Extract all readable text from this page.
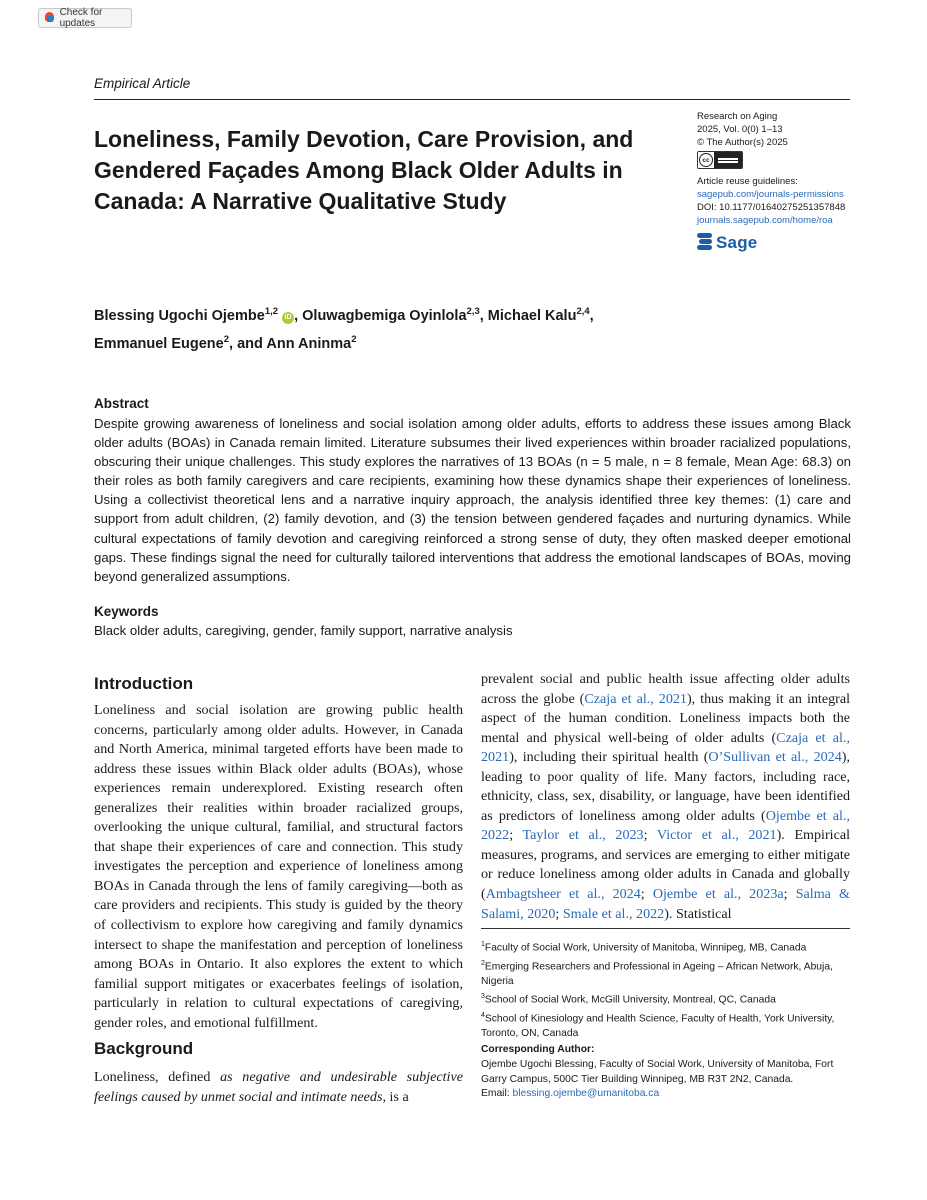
Check for updates
Empirical Article
Loneliness, Family Devotion, Care Provision, and Gendered Façades Among Black Older Adults in Canada: A Narrative Qualitative Study
Research on Aging
2025, Vol. 0(0) 1–13
© The Author(s) 2025
cc
Article reuse guidelines:
sagepub.com/journals-permissions
DOI: 10.1177/01640275251357848
journals.sagepub.com/home/roa
Sage
Blessing Ugochi Ojembe$^{1,2}$ iD , Oluwagbemiga Oyinlola$^{2,3}$, Michael Kalu$^{2,4}$,
Emmanuel Eugene$^2$, and Ann Aninma$^2$
Abstract
Despite growing awareness of loneliness and social isolation among older adults, efforts to address these issues among Black older adults (BOAs) in Canada remain limited. Literature subsumes their lived experiences within broader racialized populations, obscuring their unique challenges. This study explores the narratives of 13 BOAs (n = 5 male, n = 8 female, Mean Age: 68.3) on their roles as both family caregivers and care recipients, examining how these dynamics shape their experiences of loneliness. Using a collectivist theoretical lens and a narrative inquiry approach, the analysis identified three key themes: (1) care and support from adult children, (2) family devotion, and (3) the tension between gendered façades and nurturing dynamics. While cultural expectations of family devotion and caregiving reinforced a strong sense of duty, they often masked deeper emotional gaps. These findings signal the need for culturally tailored interventions that address the emotional landscapes of BOAs, moving beyond generalized assumptions.
Keywords
Black older adults, caregiving, gender, family support, narrative analysis
Introduction
Loneliness and social isolation are growing public health concerns, particularly among older adults. However, in Canada and North America, minimal targeted efforts have been made to address these issues within Black older adults (BOAs), whose experiences remain underexplored. Existing research often generalizes their realities within broader racialized groups, overlooking the unique cultural, familial, and structural factors that shape their experiences of care and connection. This study investigates the perception and experience of loneliness among BOAs in Canada through the lens of family caregiving—both as care providers and recipients. This study is guided by the theory of collectivism to explore how caregiving and family dynamics intersect to shape the manifestation and perception of loneliness among BOAs in Ontario. It also explores the extent to which familial support mitigates or exacerbates feelings of isolation, particularly in relation to cultural expectations of caregiving, gender roles, and emotional fulfillment.
Background
Loneliness, defined as negative and undesirable subjective feelings caused by unmet social and intimate needs, is a
prevalent social and public health issue affecting older adults across the globe (Czaja et al., 2021), thus making it an integral aspect of the human condition. Loneliness impacts both the mental and physical well-being of older adults (Czaja et al., 2021), including their spiritual health (O’Sullivan et al., 2024), leading to poor quality of life. Many factors, including race, ethnicity, class, sex, disability, or language, have been identified as predictors of loneliness among older adults (Ojembe et al., 2022; Taylor et al., 2023; Victor et al., 2021). Empirical measures, programs, and services are emerging to either mitigate or reduce loneliness among older adults in Canada and globally (Ambagtsheer et al., 2024; Ojembe et al., 2023a; Salma & Salami, 2020; Smale et al., 2022). Statistical
$^1$Faculty of Social Work, University of Manitoba, Winnipeg, MB, Canada
$^2$Emerging Researchers and Professional in Ageing – African Network, Abuja, Nigeria
$^3$School of Social Work, McGill University, Montreal, QC, Canada
$^4$School of Kinesiology and Health Science, Faculty of Health, York University, Toronto, ON, Canada
Corresponding Author:
Ojembe Ugochi Blessing, Faculty of Social Work, University of Manitoba, Fort Garry Campus, 500C Tier Building Winnipeg, MB R3T 2N2, Canada.
Email: blessing.ojembe@umanitoba.ca
